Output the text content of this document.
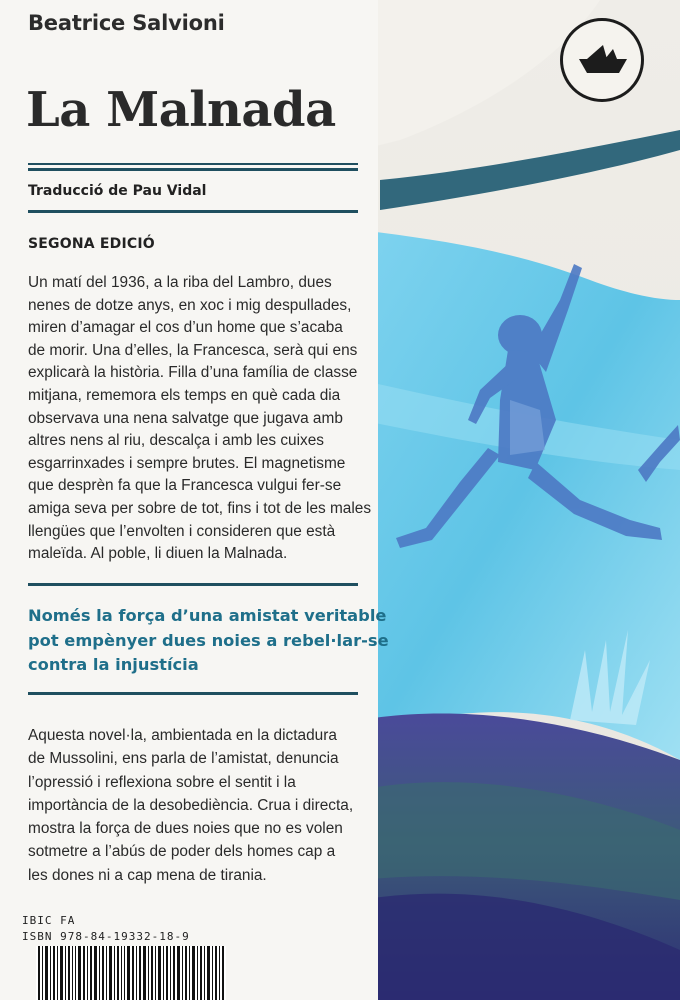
Beatrice Salvioni
La Malnada
Traducció de Pau Vidal
SEGONA EDICIÓ
Un matí del 1936, a la riba del Lambro, dues
nenes de dotze anys, en xoc i mig despullades,
miren d’amagar el cos d’un home que s’acaba
de morir. Una d’elles, la Francesca, serà qui ens
explicarà la història. Filla d’una família de classe
mitjana, rememora els temps en què cada dia
observava una nena salvatge que jugava amb
altres nens al riu, descalça i amb les cuixes
esgarrinxades i sempre brutes. El magnetisme
que desprèn fa que la Francesca vulgui fer-se
amiga seva per sobre de tot, fins i tot de les males
llengües que l’envolten i consideren que està
maleïda. Al poble, li diuen la Malnada.
Només la força d’una amistat veritable
pot empènyer dues noies a rebel·lar-se
contra la injustícia
Aquesta novel·la, ambientada en la dictadura
de Mussolini, ens parla de l’amistat, denuncia
l’opressió i reflexiona sobre el sentit i la
importància de la desobediència. Crua i directa,
mostra la força de dues noies que no es volen
sotmetre a l’abús de poder dels homes cap a
les dones ni a cap mena de tirania.
IBIC FA
ISBN 978-84-19332-18-9
